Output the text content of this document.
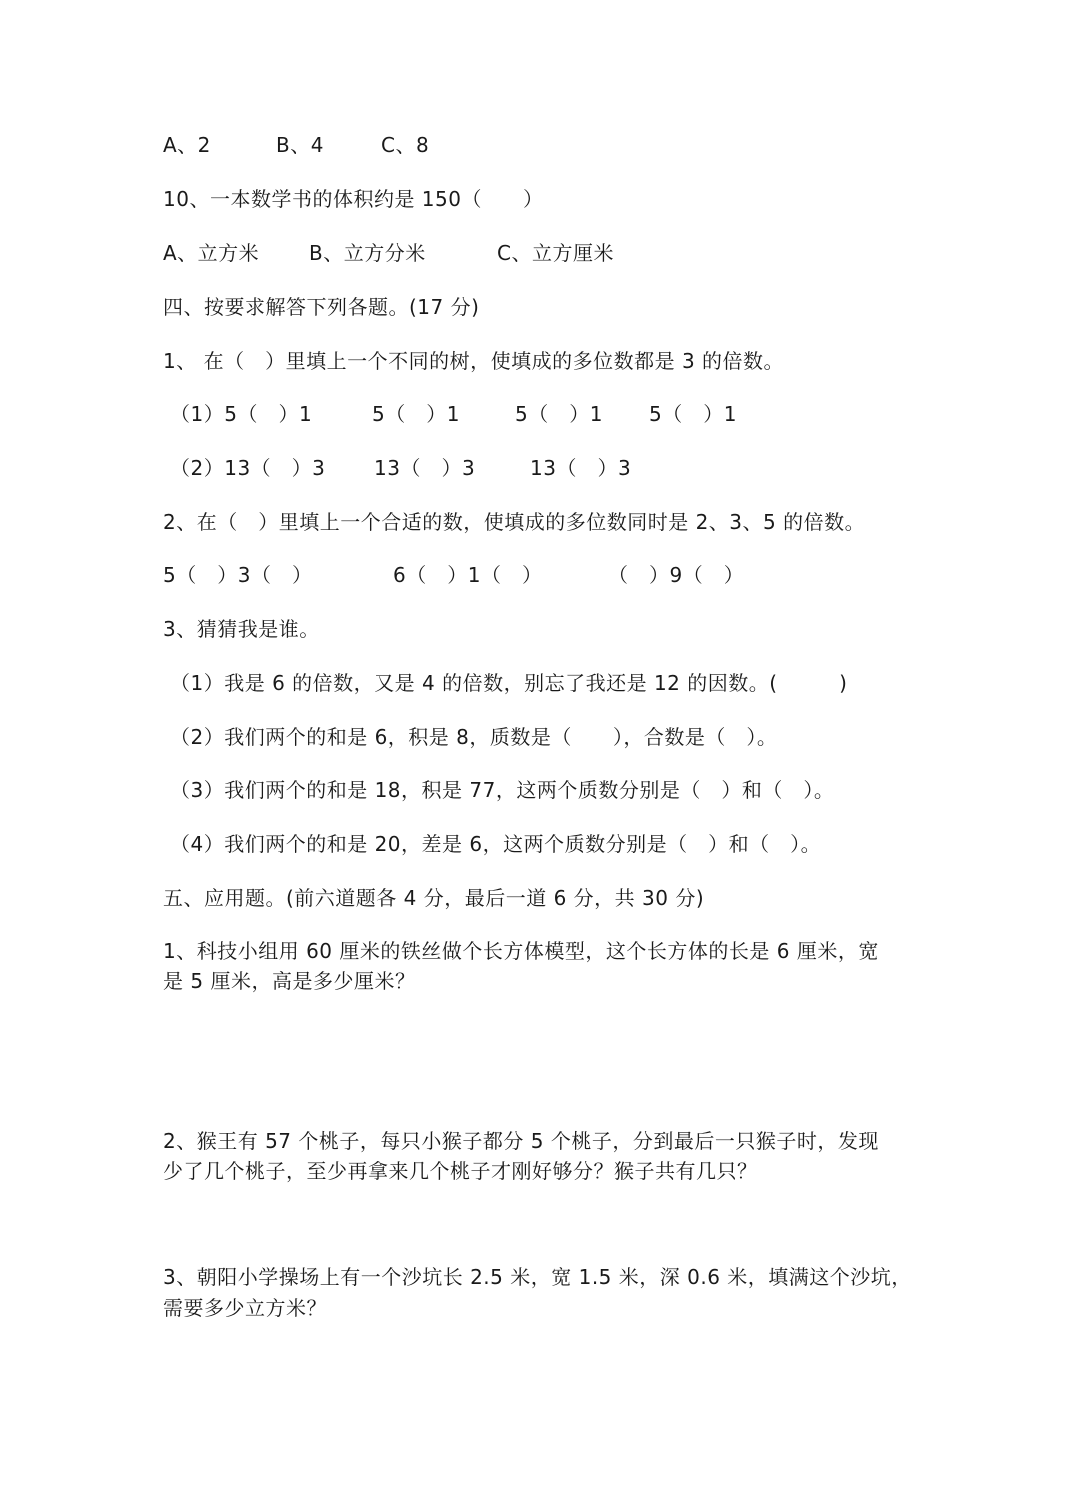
A、2	B、4	C、8
10、一本数学书的体积约是 150（　　）
A、立方米 B、立方分米	C、立方厘米
四、按要求解答下列各题。(17 分)
1、 在（　）里填上一个不同的树，使填成的多位数都是 3 的倍数。
（1）5（　）1	5（　）1	5（　）1 5（　）1
（2）13（　）3 13（　）3	13（　）3
2、在（　）里填上一个合适的数，使填成的多位数同时是 2、3、5 的倍数。
5（　）3（　）	6（　）1（　）	（　）9（　）
3、猜猜我是谁。
（1）我是 6 的倍数，又是 4 的倍数，别忘了我还是 12 的因数。(　　　)
（2）我们两个的和是 6，积是 8，质数是（　　），合数是（　）。
（3）我们两个的和是 18，积是 77，这两个质数分别是（　）和（　）。
（4）我们两个的和是 20，差是 6，这两个质数分别是（　）和（　）。
五、应用题。(前六道题各 4 分，最后一道 6 分，共 30 分)
1、科技小组用 60 厘米的铁丝做个长方体模型，这个长方体的长是 6 厘米，宽
是 5 厘米，高是多少厘米？
2、猴王有 57 个桃子，每只小猴子都分 5 个桃子，分到最后一只猴子时，发现
少了几个桃子，至少再拿来几个桃子才刚好够分？猴子共有几只？
3、朝阳小学操场上有一个沙坑长 2.5 米，宽 1.5 米，深 0.6 米，填满这个沙坑，
需要多少立方米？
